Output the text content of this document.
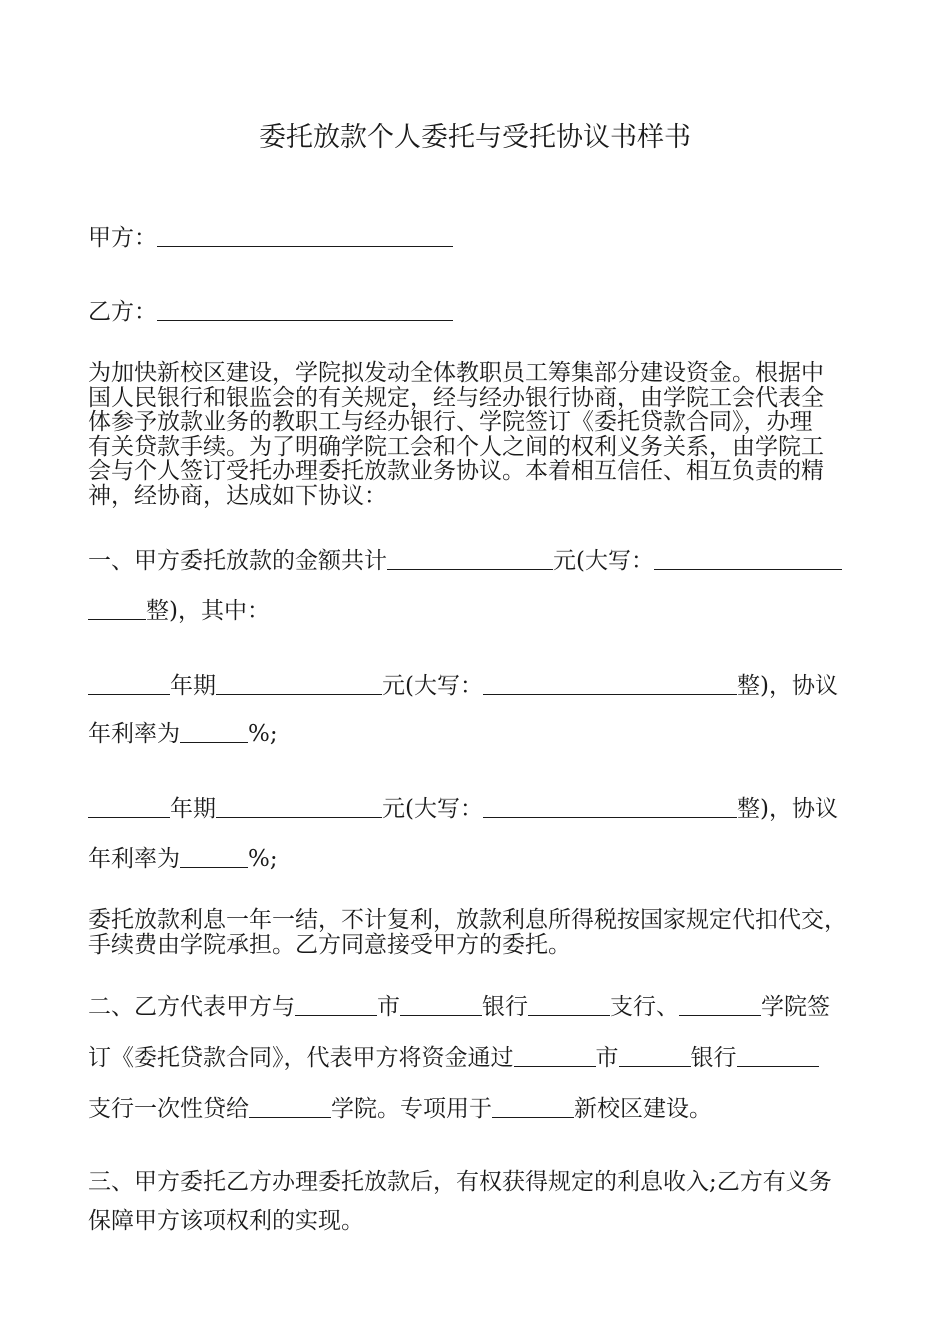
委托放款个人委托与受托协议书样书
甲方：
乙方：

为加快新校区建设，学院拟发动全体教职员工筹集部分建设资金。根据中

国人民银行和银监会的有关规定，经与经办银行协商，由学院工会代表全

体参予放款业务的教职工与经办银行、学院签订《委托贷款合同》，办理

有关贷款手续。为了明确学院工会和个人之间的权利义务关系，由学院工

会与个人签订受托办理委托放款业务协议。本着相互信任、相互负责的精

神，经协商，达成如下协议：

一、甲方委托放款的金额共计	元(大写：
整)，其中：
年期	元(大写：	整)，协议
年利率为	%;
年期	元(大写：	整)，协议
年利率为	%;

委托放款利息一年一结，不计复利，放款利息所得税按国家规定代扣代交，

手续费由学院承担。乙方同意接受甲方的委托。

二、乙方代表甲方与	市	银行	支行、	学院签
订《委托贷款合同》，代表甲方将资金通过	市	银行
支行一次性贷给	学院。专项用于	新校区建设。
三、甲方委托乙方办理委托放款后，有权获得规定的利息收入;乙方有义务
保障甲方该项权利的实现。
